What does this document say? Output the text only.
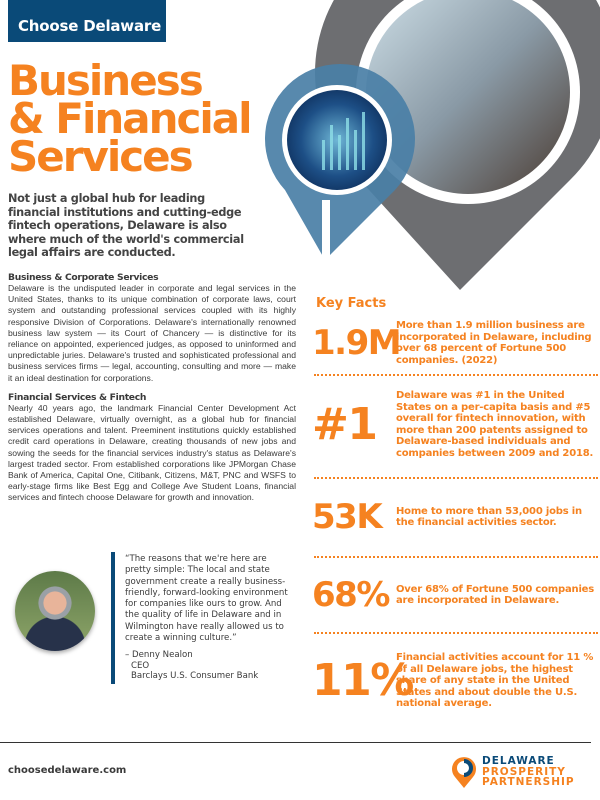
Choose Delaware
Business
& Financial
Services
Not just a global hub for leading financial institutions and cutting-edge fintech operations, Delaware is also where much of the world's commercial legal affairs are conducted.
Business & Corporate Services

Delaware is the undisputed leader in corporate and legal services in the United States, thanks to its unique combination of corporate laws, court system and outstanding professional services coupled with its highly responsive Division of Corporations. Delaware's internationally renowned business law system — its Court of Chancery — is distinctive for its reliance on appointed, experienced judges, as opposed to uninformed and unpredictable juries. Delaware's trusted and sophisticated professional and business services firms — legal, accounting, consulting and more — make it an ideal destination for corporations.

Financial Services & Fintech

Nearly 40 years ago, the landmark Financial Center Development Act established Delaware, virtually overnight, as a global hub for financial services operations and talent. Preeminent institutions quickly established credit card operations in Delaware, creating thousands of new jobs and sowing the seeds for the financial services industry's status as Delaware's largest traded sector. From established corporations like JPMorgan Chase Bank of America, Capital One, Citibank, Citizens, M&T, PNC and WSFS to early-stage firms like Best Egg and College Ave Student Loans, financial services and fintech choose Delaware for growth and innovation.

Key Facts
1.9M
More than 1.9 million business are incorporated in Delaware, including over 68 percent of Fortune 500 companies. (2022)
#1
Delaware was #1 in the United States on a per-capita basis and #5 overall for fintech innovation, with more than 200 patents assigned to Delaware-based individuals and companies between 2009 and 2018.
53K	Home to more than 53,000 jobs in the financial activities sector.
68% Over 68% of Fortune 500 companies are incorporated in Delaware.
11%
Financial activities account for 11 % of all Delaware jobs, the highest share of any state in the United States and about double the U.S. national average.
“The reasons that we're here are pretty simple: The local and state government create a really business-friendly, forward-looking environment for companies like ours to grow. And the quality of life in Delaware and in Wilmington have really allowed us to create a winning culture.”
– Denny Nealon
CEO
Barclays U.S. Consumer Bank
choosedelaware.com
DELAWARE
PROSPERITY
PARTNERSHIP
